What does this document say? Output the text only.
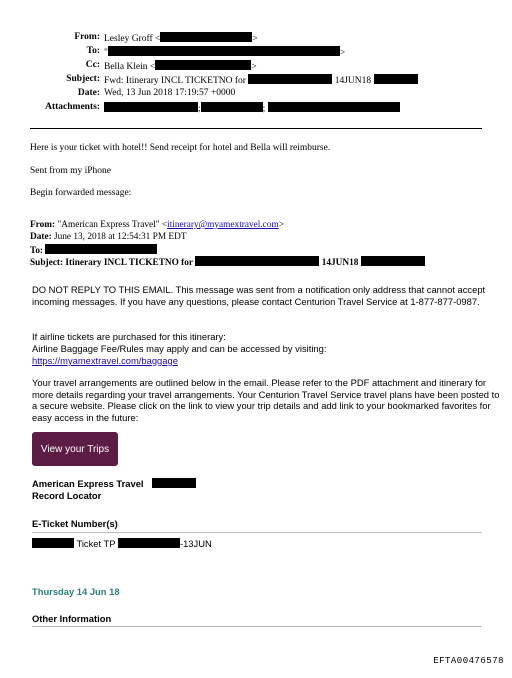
From: Lesley Groff <	>
To: "	>
Cc: Bella Klein <	>
Subject: Fwd: Itinerary INCL TICKETNO for	14JUN18
Date: Wed, 13 Jun 2018 17:19:57 +0000
Attachments:	;	;
Here is your ticket with hotel!! Send receipt for hotel and Bella will reimburse.
Sent from my iPhone
Begin forwarded message:
From: "American Express Travel" <itinerary@myamextravel.com>
Date: June 13, 2018 at 12:54:31 PM EDT
To:
Subject: Itinerary INCL TICKETNO for	14JUN18
DO NOT REPLY TO THIS EMAIL. This message was sent from a notification only address that cannot accept incoming messages. If you have any questions, please contact Centurion Travel Service at 1-877-877-0987.
If airline tickets are purchased for this itinerary:
Airline Baggage Fee/Rules may apply and can be accessed by visiting:
https://myamextravel.com/baggage
Your travel arrangements are outlined below in the email. Please refer to the PDF attachment and itinerary for more details regarding your travel arrangements. Your Centurion Travel Service travel plans have been posted to a secure website. Please click on the link to view your trip details and add link to your bookmarked favorites for easy access in the future:
View your Trips
American Express Travel
Record Locator
E-Ticket Number(s)
Ticket TP	-13JUN
Thursday 14 Jun 18
Other Information
EFTA00476578
